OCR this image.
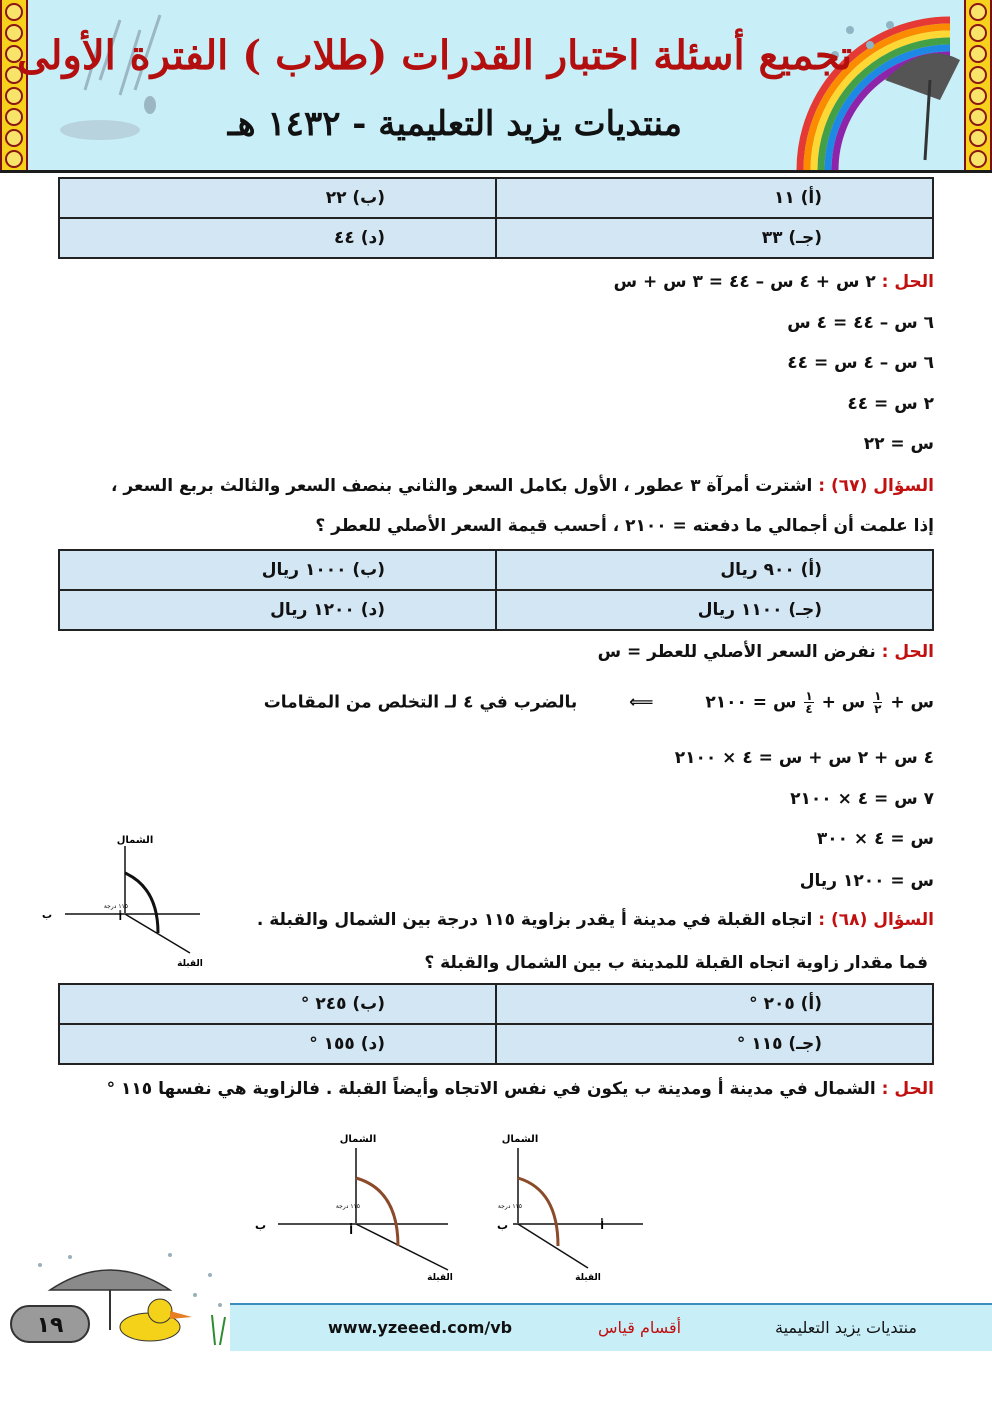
تجميع أسئلة اختبار القدرات (طلاب ) الفترة الأولى
منتديات يزيد التعليمية - ١٤٣٢ هـ
(أ) ١١	(ب) ٢٢
(جـ) ٣٣	(د) ٤٤
الحل : ٢ س + ٤ س – ٤٤ = ٣ س + س
٦ س – ٤٤ = ٤ س
٦ س – ٤ س = ٤٤
٢ س = ٤٤
س = ٢٢
السؤال (٦٧) : اشترت أمرآة ٣ عطور ، الأول بكامل السعر والثاني بنصف السعر والثالث بربع السعر ،
إذا علمت أن أجمالي ما دفعته = ٢١٠٠ ، أحسب قيمة السعر الأصلي للعطر ؟
(أ) ٩٠٠ ريال	(ب) ١٠٠٠ ريال
(جـ) ١١٠٠ ريال	(د) ١٢٠٠ ريال
الحل : نفرض السعر الأصلي للعطر = س
س +
$\frac{١}{٢}$
س +
$\frac{١}{٤}$
س = ٢١٠٠  ⟸  بالضرب في ٤ لـ التخلص من المقامات
٤ س + ٢ س + س = ٤ × ٢١٠٠
٧ س = ٤ × ٢١٠٠
س = ٤ × ٣٠٠
س = ١٢٠٠ ريال
الشمال
ب	أ
١١٥ درجة
القبلة
السؤال (٦٨) : اتجاه القبلة في مدينة أ يقدر بزاوية ١١٥ درجة بين الشمال والقبلة .
فما مقدار زاوية اتجاه القبلة للمدينة ب بين الشمال والقبلة ؟
(أ) ٢٠٥ °	(ب) ٢٤٥ °
(جـ) ١١٥ °	(د) ١٥٥ °
الحل : الشمال في مدينة أ ومدينة ب يكون في نفس الاتجاه وأيضاً القبلة . فالزاوية هي نفسها ١١٥ °
الشمال
ب	أ
١١٥ درجة
القبلة
الشمال
ب	أ
١١٥ درجة
القبلة
١٩	www.yzeeed.com/vb	أقسام قياس	منتديات يزيد التعليمية
